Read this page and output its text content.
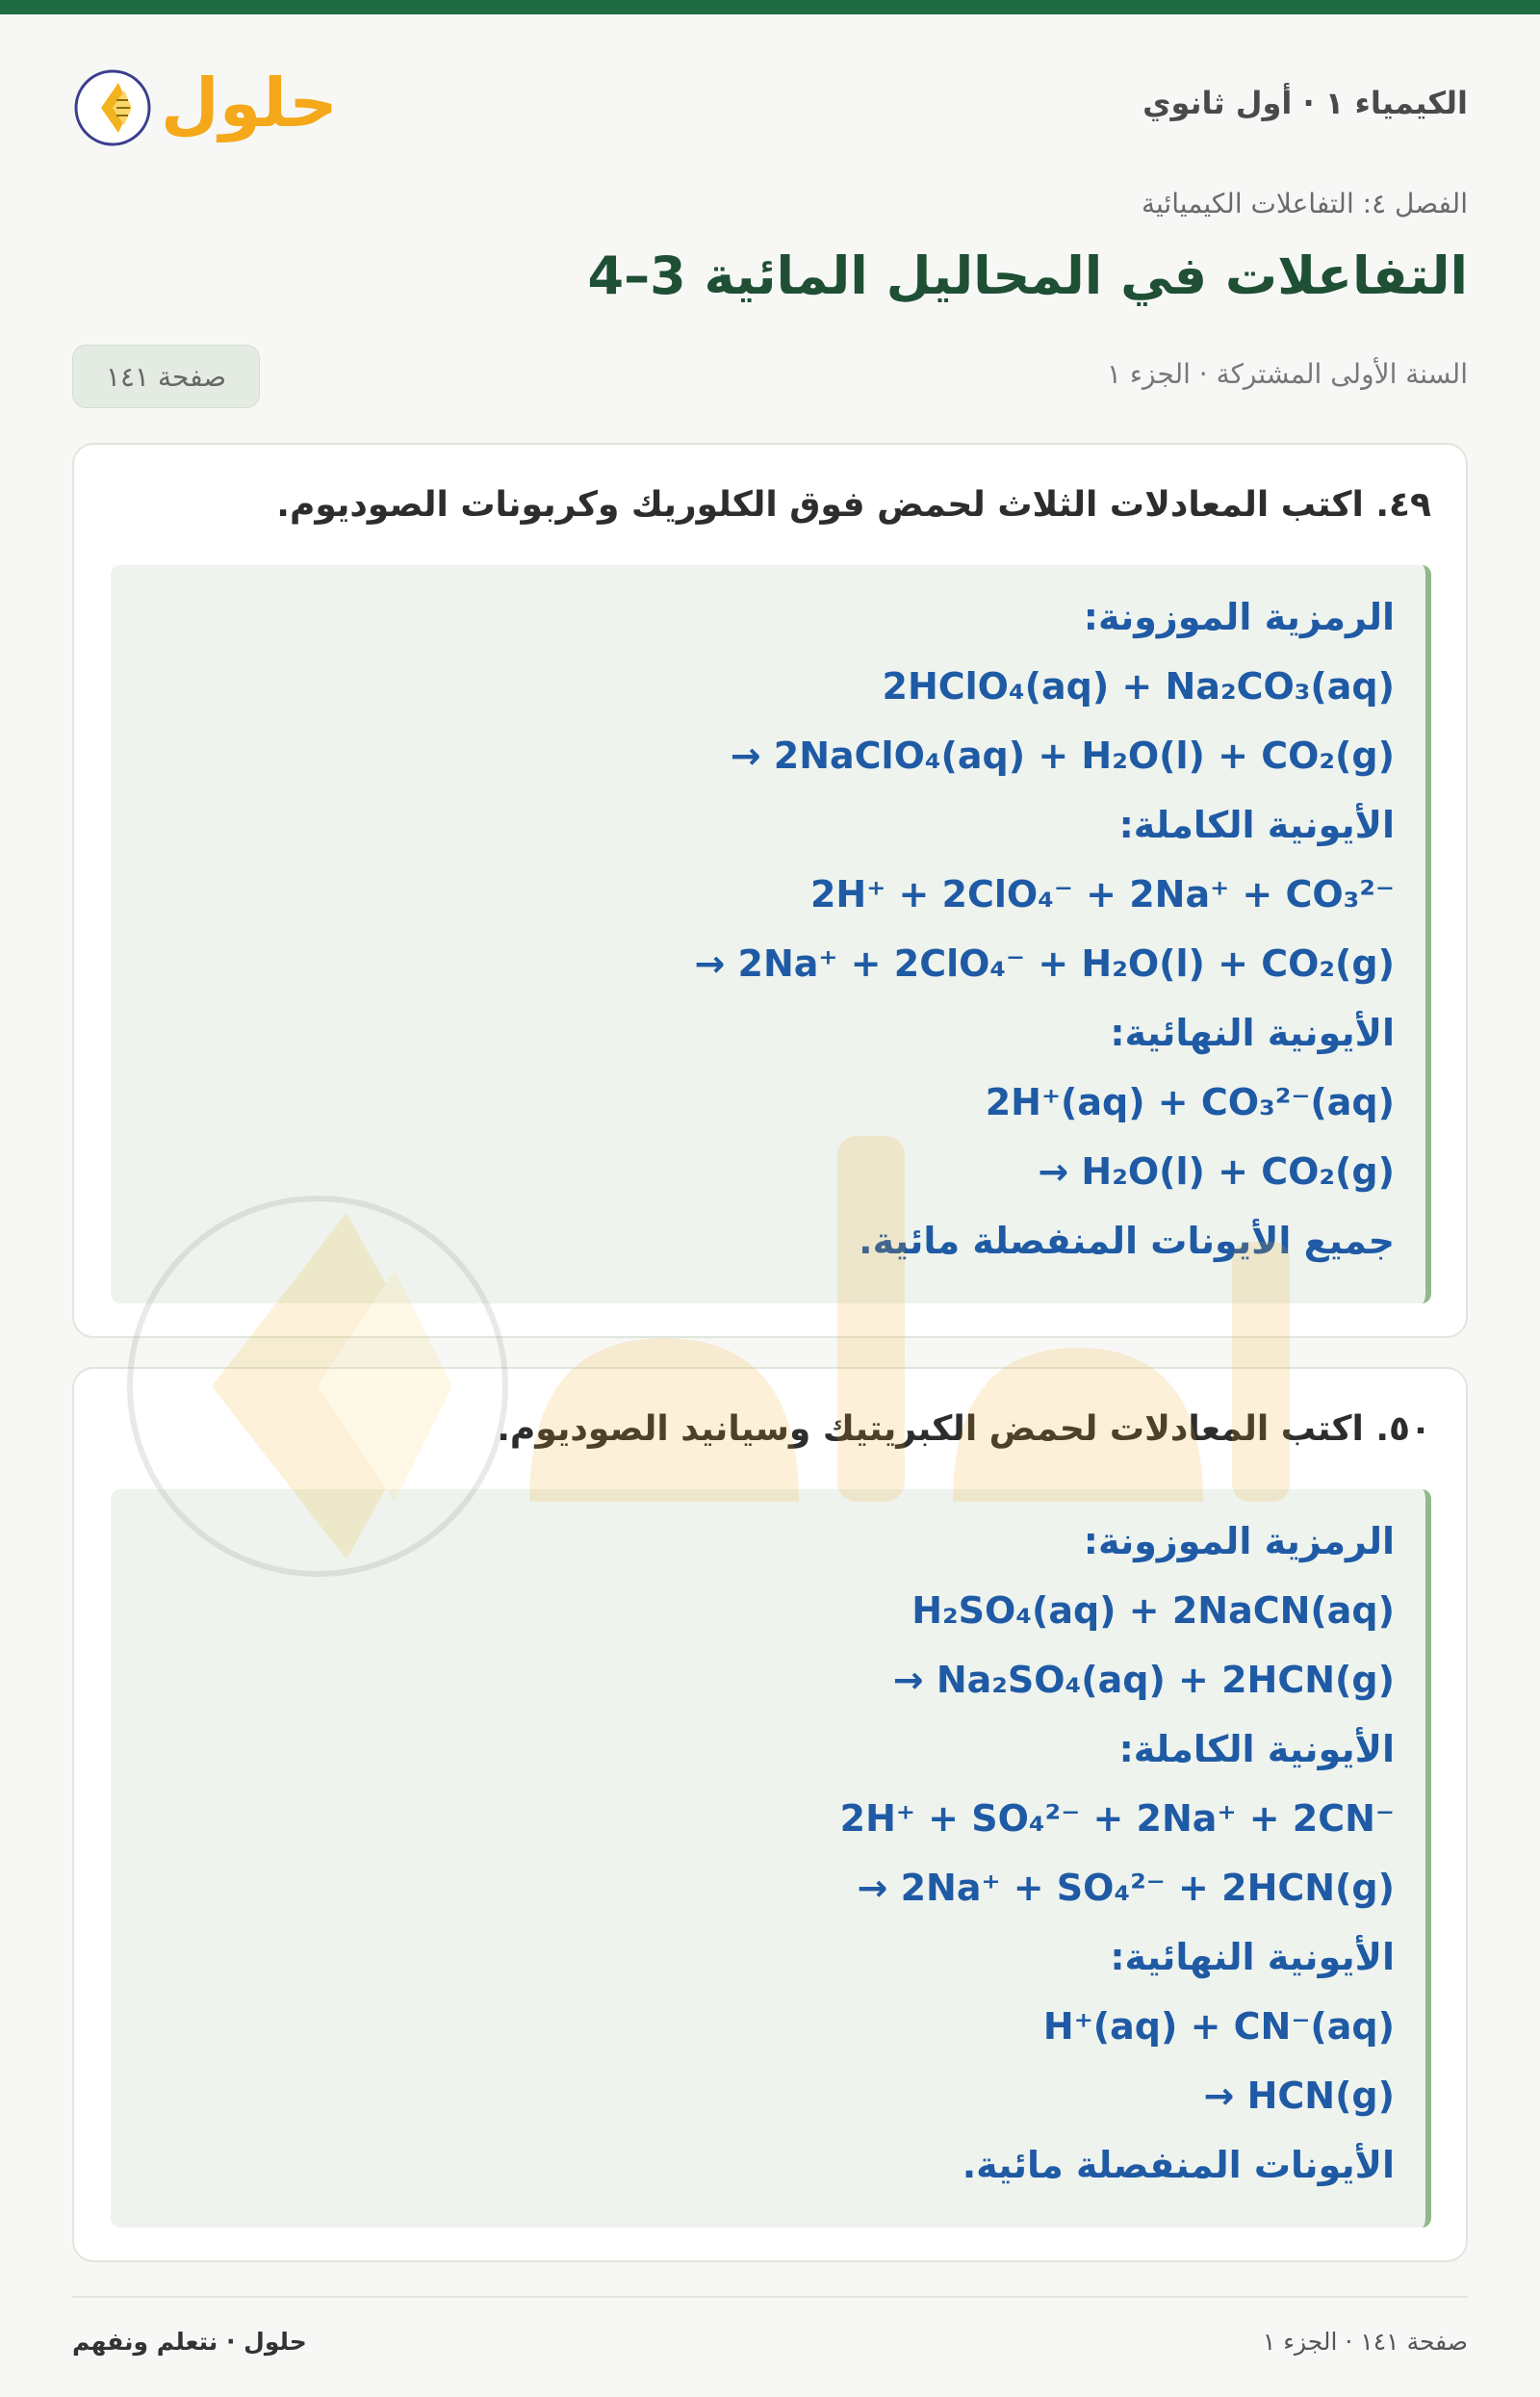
الكيمياء ١ · أول ثانوي
حلول
الفصل ٤: التفاعلات الكيميائية
التفاعلات في المحاليل المائية 3–4
السنة الأولى المشتركة · الجزء ١
صفحة ١٤١
٤٩. اكتب المعادلات الثلاث لحمض فوق الكلوريك وكربونات الصوديوم.
الرمزية الموزونة:
2HClO₄(aq) + Na₂CO₃(aq)
→ 2NaClO₄(aq) + H₂O(l) + CO₂(g)
الأيونية الكاملة:
2H⁺ + 2ClO₄⁻ + 2Na⁺ + CO₃²⁻
→ 2Na⁺ + 2ClO₄⁻ + H₂O(l) + CO₂(g)
الأيونية النهائية:
2H⁺(aq) + CO₃²⁻(aq)
→ H₂O(l) + CO₂(g)
جميع الأيونات المنفصلة مائية.
٥٠. اكتب المعادلات لحمض الكبريتيك وسيانيد الصوديوم.
الرمزية الموزونة:
H₂SO₄(aq) + 2NaCN(aq)
→ Na₂SO₄(aq) + 2HCN(g)
الأيونية الكاملة:
2H⁺ + SO₄²⁻ + 2Na⁺ + 2CN⁻
→ 2Na⁺ + SO₄²⁻ + 2HCN(g)
الأيونية النهائية:
H⁺(aq) + CN⁻(aq)
→ HCN(g)
الأيونات المنفصلة مائية.
صفحة ١٤١ · الجزء ١
حلول · نتعلم ونفهم
